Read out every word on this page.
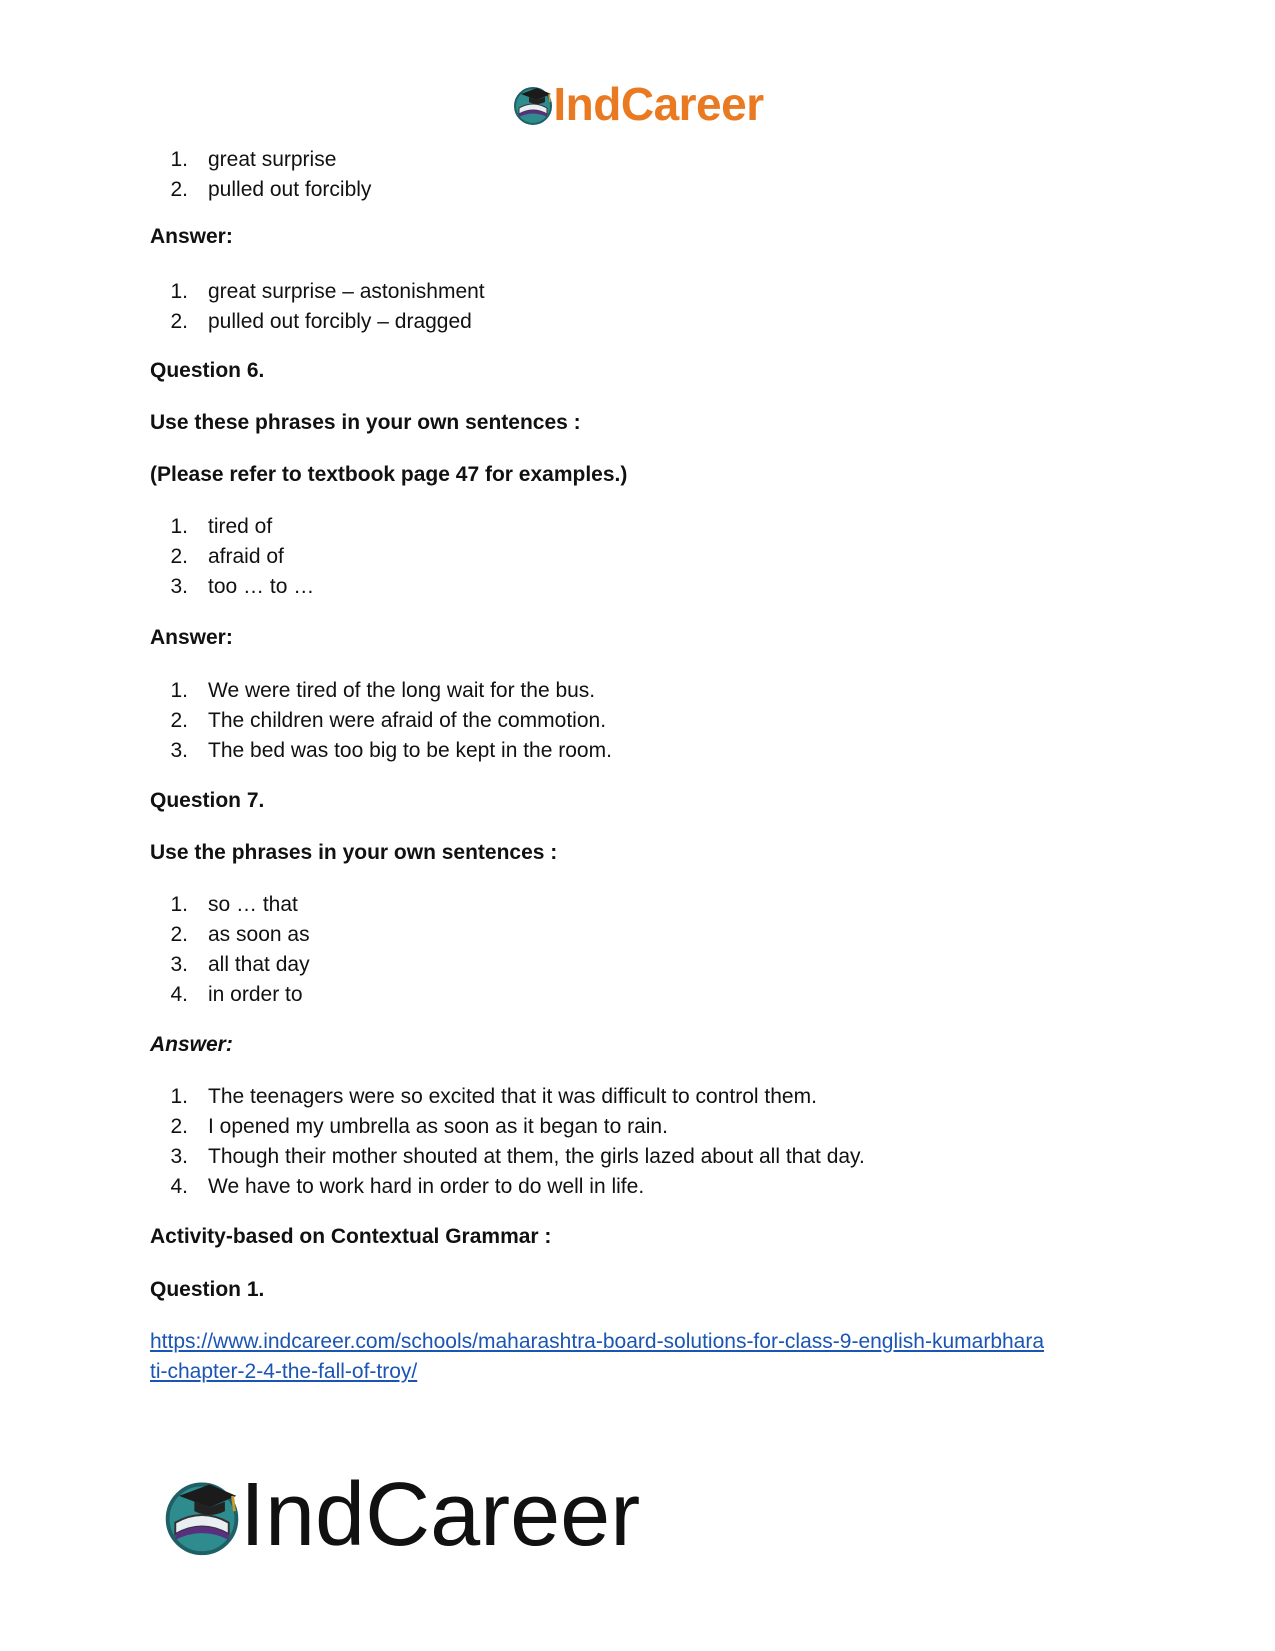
IndCareer
1. great surprise
2. pulled out forcibly
Answer:
1. great surprise – astonishment
2. pulled out forcibly – dragged
Question 6.
Use these phrases in your own sentences :
(Please refer to textbook page 47 for examples.)
1. tired of
2. afraid of
3. too … to …
Answer:
1. We were tired of the long wait for the bus.
2. The children were afraid of the commotion.
3. The bed was too big to be kept in the room.
Question 7.
Use the phrases in your own sentences :
1. so … that
2. as soon as
3. all that day
4. in order to
Answer:
1. The teenagers were so excited that it was difficult to control them.
2. I opened my umbrella as soon as it began to rain.
3. Though their mother shouted at them, the girls lazed about all that day.
4. We have to work hard in order to do well in life.
Activity-based on Contextual Grammar :
Question 1.
https://www.indcareer.com/schools/maharashtra-board-solutions-for-class-9-english-kumarbhara
ti-chapter-2-4-the-fall-of-troy/
IndCareer
